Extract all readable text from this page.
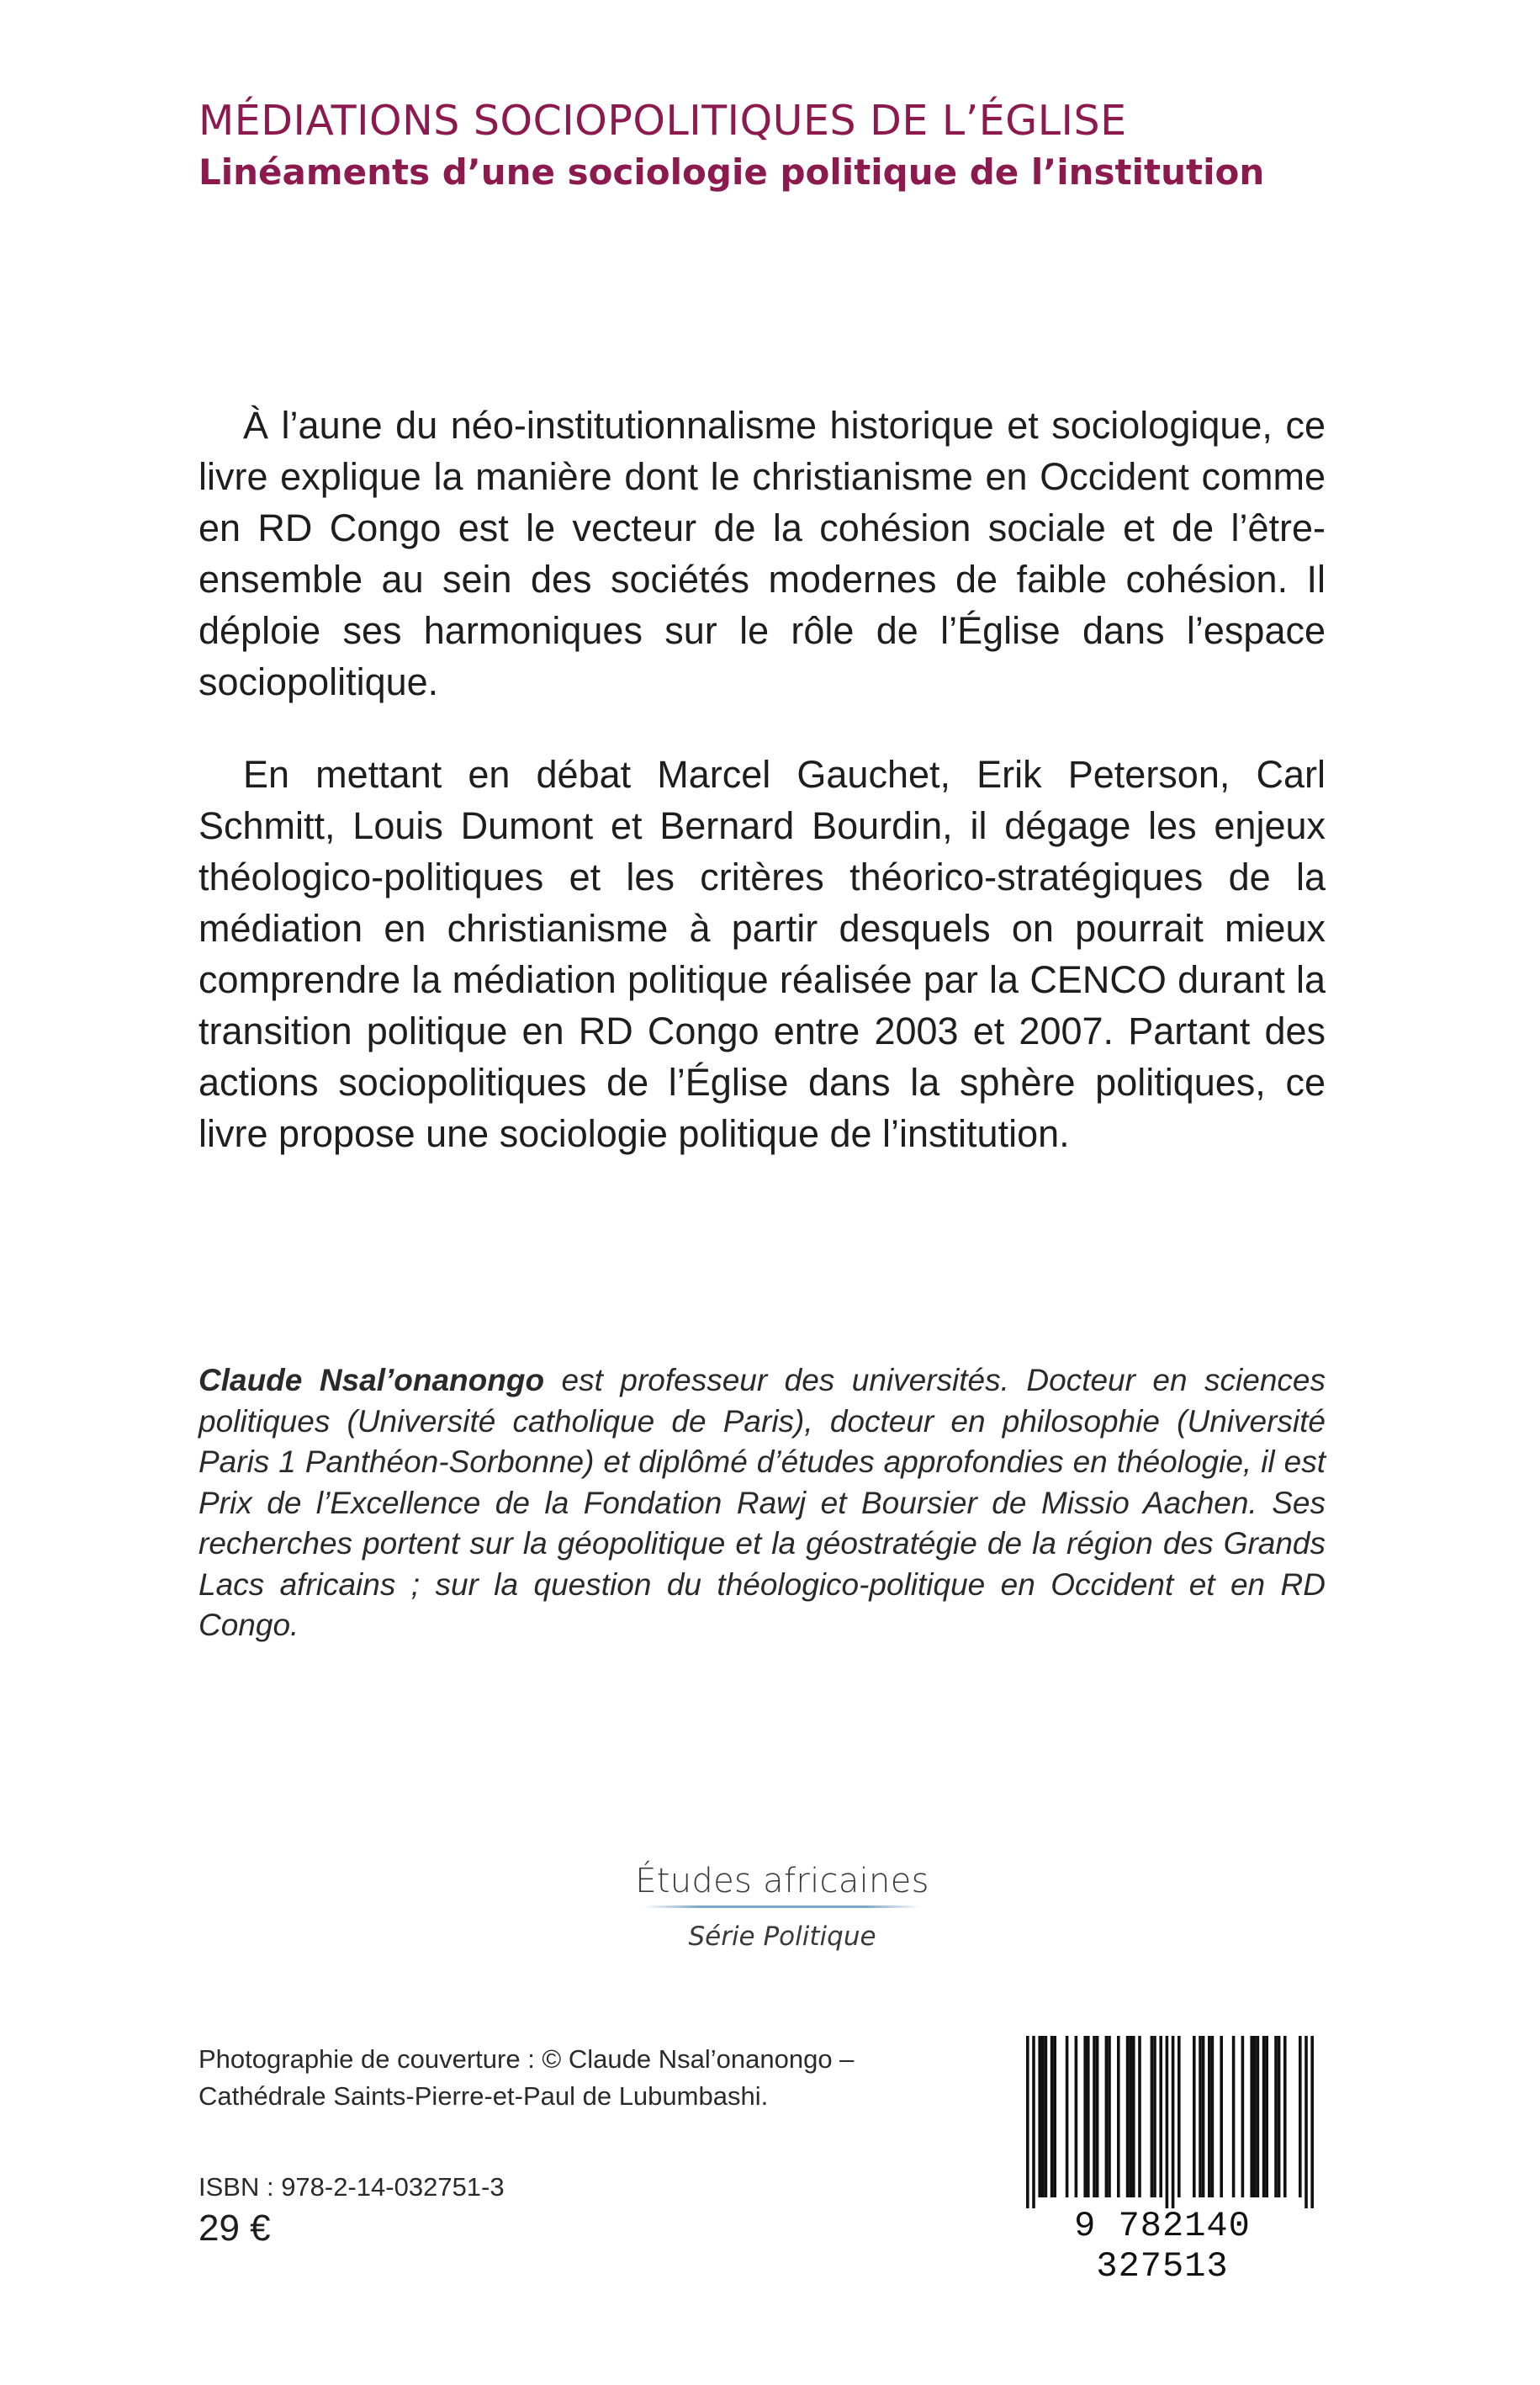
MÉDIATIONS SOCIOPOLITIQUES DE L’ÉGLISE
Linéaments d’une sociologie politique de l’institution

À l’aune du néo-institutionnalisme historique et sociologique, ce livre explique la manière dont le christianisme en Occident comme en RD Congo est le vecteur de la cohésion sociale et de l’être-ensemble au sein des sociétés modernes de faible cohésion. Il déploie ses harmoniques sur le rôle de l’Église dans l’espace sociopolitique.

En mettant en débat Marcel Gauchet, Erik Peterson, Carl Schmitt, Louis Dumont et Bernard Bourdin, il dégage les enjeux théologico-politiques et les critères théorico-stratégiques de la médiation en christianisme à partir desquels on pourrait mieux comprendre la médiation politique réalisée par la CENCO durant la transition politique en RD Congo entre 2003 et 2007. Partant des actions sociopolitiques de l’Église dans la sphère politiques, ce livre propose une sociologie politique de l’institution.

Claude Nsal’onanongo est professeur des universités. Docteur en sciences politiques (Université catholique de Paris), docteur en philosophie (Université Paris 1 Panthéon-Sorbonne) et diplômé d’études approfondies en théologie, il est Prix de l’Excellence de la Fondation Rawj et Boursier de Missio Aachen. Ses recherches portent sur la géopolitique et la géostratégie de la région des Grands Lacs africains ; sur la question du théologico-politique en Occident et en RD Congo.

Études africaines
Série Politique
Photographie de couverture : © Claude Nsal’onanongo –
Cathédrale Saints-Pierre-et-Paul de Lubumbashi.
ISBN : 978-2-14-032751-3
29 €	9 782140 327513
